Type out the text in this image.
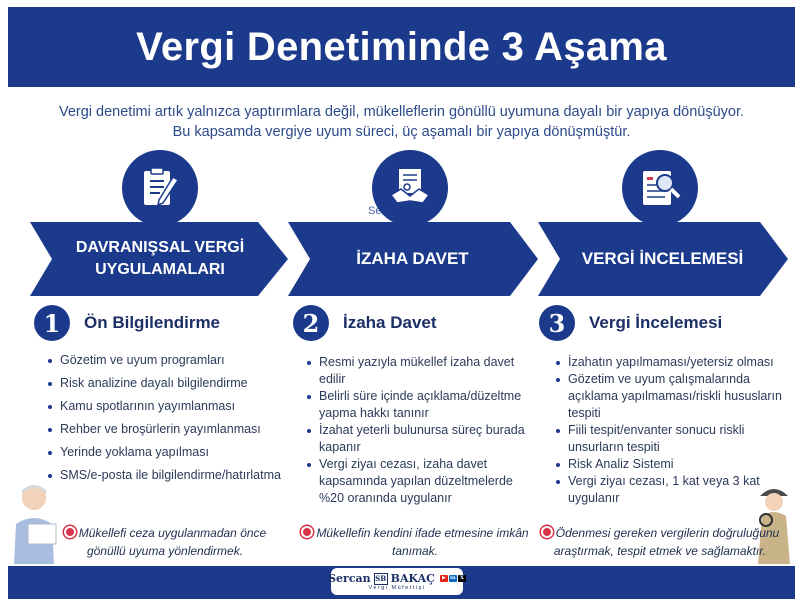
Vergi Denetiminde 3 Aşama
Vergi denetimi artık yalnızca yaptırımlara değil, mükelleflerin gönüllü uyumuna dayalı bir yapıya dönüşüyor.
Bu kapsamda vergiye uyum süreci, üç aşamalı bir yapıya dönüşmüştür.
DAVRANIŞSAL VERGİ
UYGULAMALARI
İZAHA DAVET	VERGİ İNCELEMESİ
Sercan Bakaç
1	Ön Bilgilendirme	2	İzaha Davet	3	Vergi İncelemesi
Gözetim ve uyum programları
Risk analizine dayalı bilgilendirme
Kamu spotlarının yayımlanması
Rehber ve broşürlerin yayımlanması
Yerinde yoklama yapılması
SMS/e-posta ile bilgilendirme/hatırlatma
Resmi yazıyla mükellef izaha davet edilir
Belirli süre içinde açıklama/düzeltme yapma hakkı tanınır
İzahat yeterli bulunursa süreç burada kapanır
Vergi ziyaı cezası, izaha davet kapsamında yapılan düzeltmelerde %20 oranında uygulanır
İzahatın yapılmaması/yetersiz olması
Gözetim ve uyum çalışmalarında açıklama yapılmaması/riskli hususların tespiti
Fiili tespit/envanter sonucu riskli unsurların tespiti
Risk Analiz Sistemi
Vergi ziyaı cezası, 1 kat veya 3 kat uygulanır
Mükellefi ceza uygulanmadan önce
gönüllü uyuma yönlendirmek.
Mükellefin kendini ifade etmesine imkân
tanımak.
Ödenmesi gereken vergilerin doğruluğunu
araştırmak, tespit etmek ve sağlamaktır.
Sercan SB BAKAÇ	▶ in X
Vergi Müfettişi
